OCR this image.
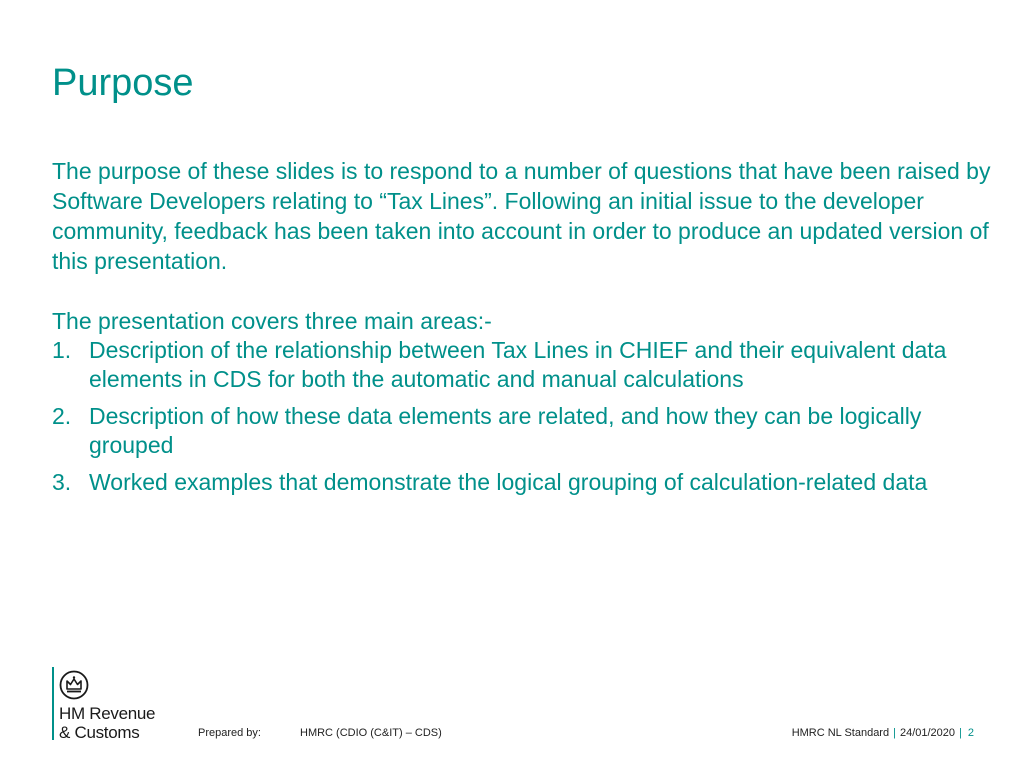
Purpose

The purpose of these slides is to respond to a number of questions that have been raised by Software Developers relating to “Tax Lines”. Following an initial issue to the developer community, feedback has been taken into account in order to produce an updated version of this presentation.

The presentation covers three main areas:-

1. Description of the relationship between Tax Lines in CHIEF and their equivalent data elements in CDS for both the automatic and manual calculations
2. Description of how these data elements are related, and how they can be logically grouped
3. Worked examples that demonstrate the logical grouping of calculation-related data
HM Revenue
& Customs	Prepared by:	HMRC (CDIO (C&IT) – CDS)	HMRC NL Standard | 24/01/2020 | 2
